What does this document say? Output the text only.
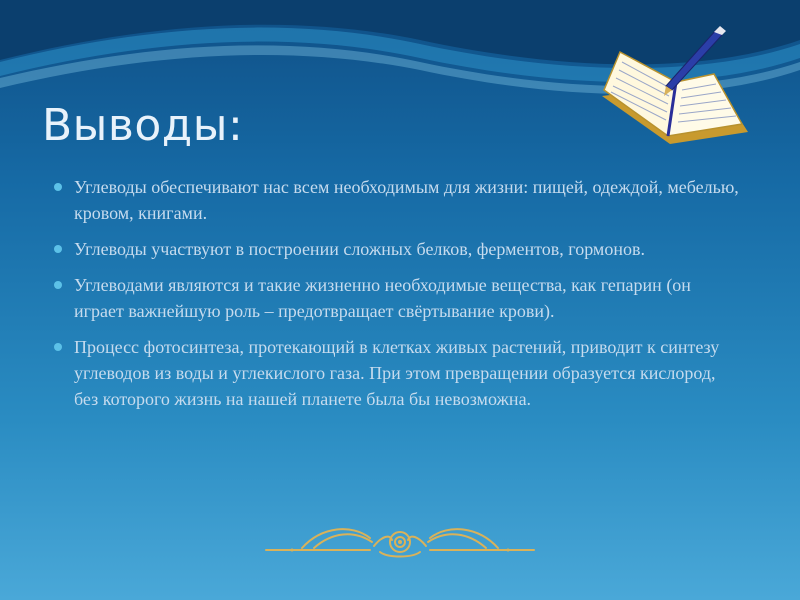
Выводы:
Углеводы обеспечивают нас всем необходимым для жизни: пищей, одеждой, мебелью, кровом, книгами.
Углеводы участвуют в построении сложных белков, ферментов, гормонов.
Углеводами являются и такие жизненно необходимые вещества, как гепарин (он играет важнейшую роль – предотвращает свёртывание крови).
Процесс фотосинтеза, протекающий в клетках живых растений, приводит к синтезу углеводов из воды и углекислого газа. При этом превращении образуется кислород, без которого жизнь на нашей планете была бы невозможна.
